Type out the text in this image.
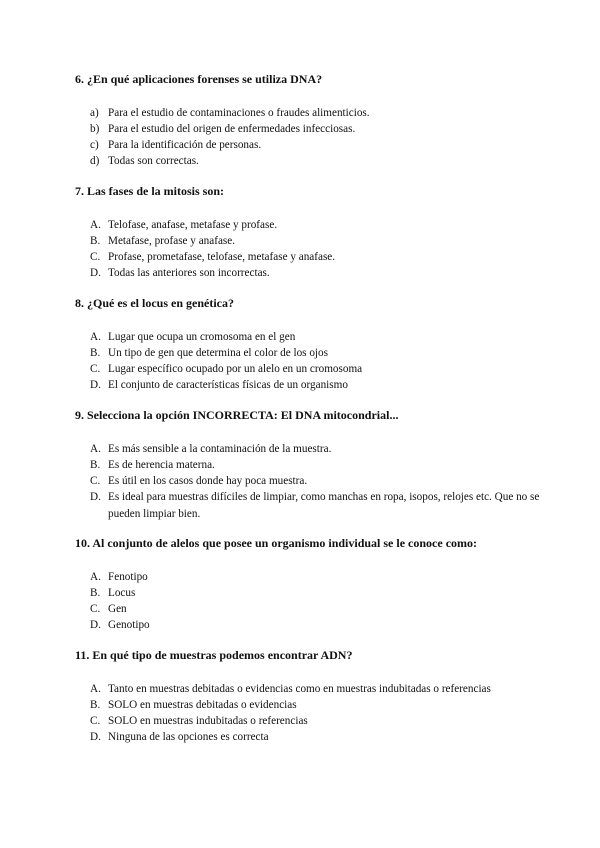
6. ¿En qué aplicaciones forenses se utiliza DNA?

a) Para el estudio de contaminaciones o fraudes alimenticios.
b) Para el estudio del origen de enfermedades infecciosas.
c) Para la identificación de personas.
d) Todas son correctas.

7. Las fases de la mitosis son:

A. Telofase, anafase, metafase y profase.
B. Metafase, profase y anafase.
C. Profase, prometafase, telofase, metafase y anafase.
D. Todas las anteriores son incorrectas.

8. ¿Qué es el locus en genética?

A. Lugar que ocupa un cromosoma en el gen
B. Un tipo de gen que determina el color de los ojos
C. Lugar específico ocupado por un alelo en un cromosoma
D. El conjunto de características físicas de un organismo

9. Selecciona la opción INCORRECTA: El DNA mitocondrial...

A. Es más sensible a la contaminación de la muestra.
B. Es de herencia materna.
C. Es útil en los casos donde hay poca muestra.
D. Es ideal para muestras difíciles de limpiar, como manchas en ropa, isopos, relojes etc. Que no se pueden limpiar bien.

10. Al conjunto de alelos que posee un organismo individual se le conoce como:

A. Fenotipo
B. Locus
C. Gen
D. Genotipo

11. En qué tipo de muestras podemos encontrar ADN?

A. Tanto en muestras debitadas o evidencias como en muestras indubitadas o referencias
B. SOLO en muestras debitadas o evidencias
C. SOLO en muestras indubitadas o referencias
D. Ninguna de las opciones es correcta
